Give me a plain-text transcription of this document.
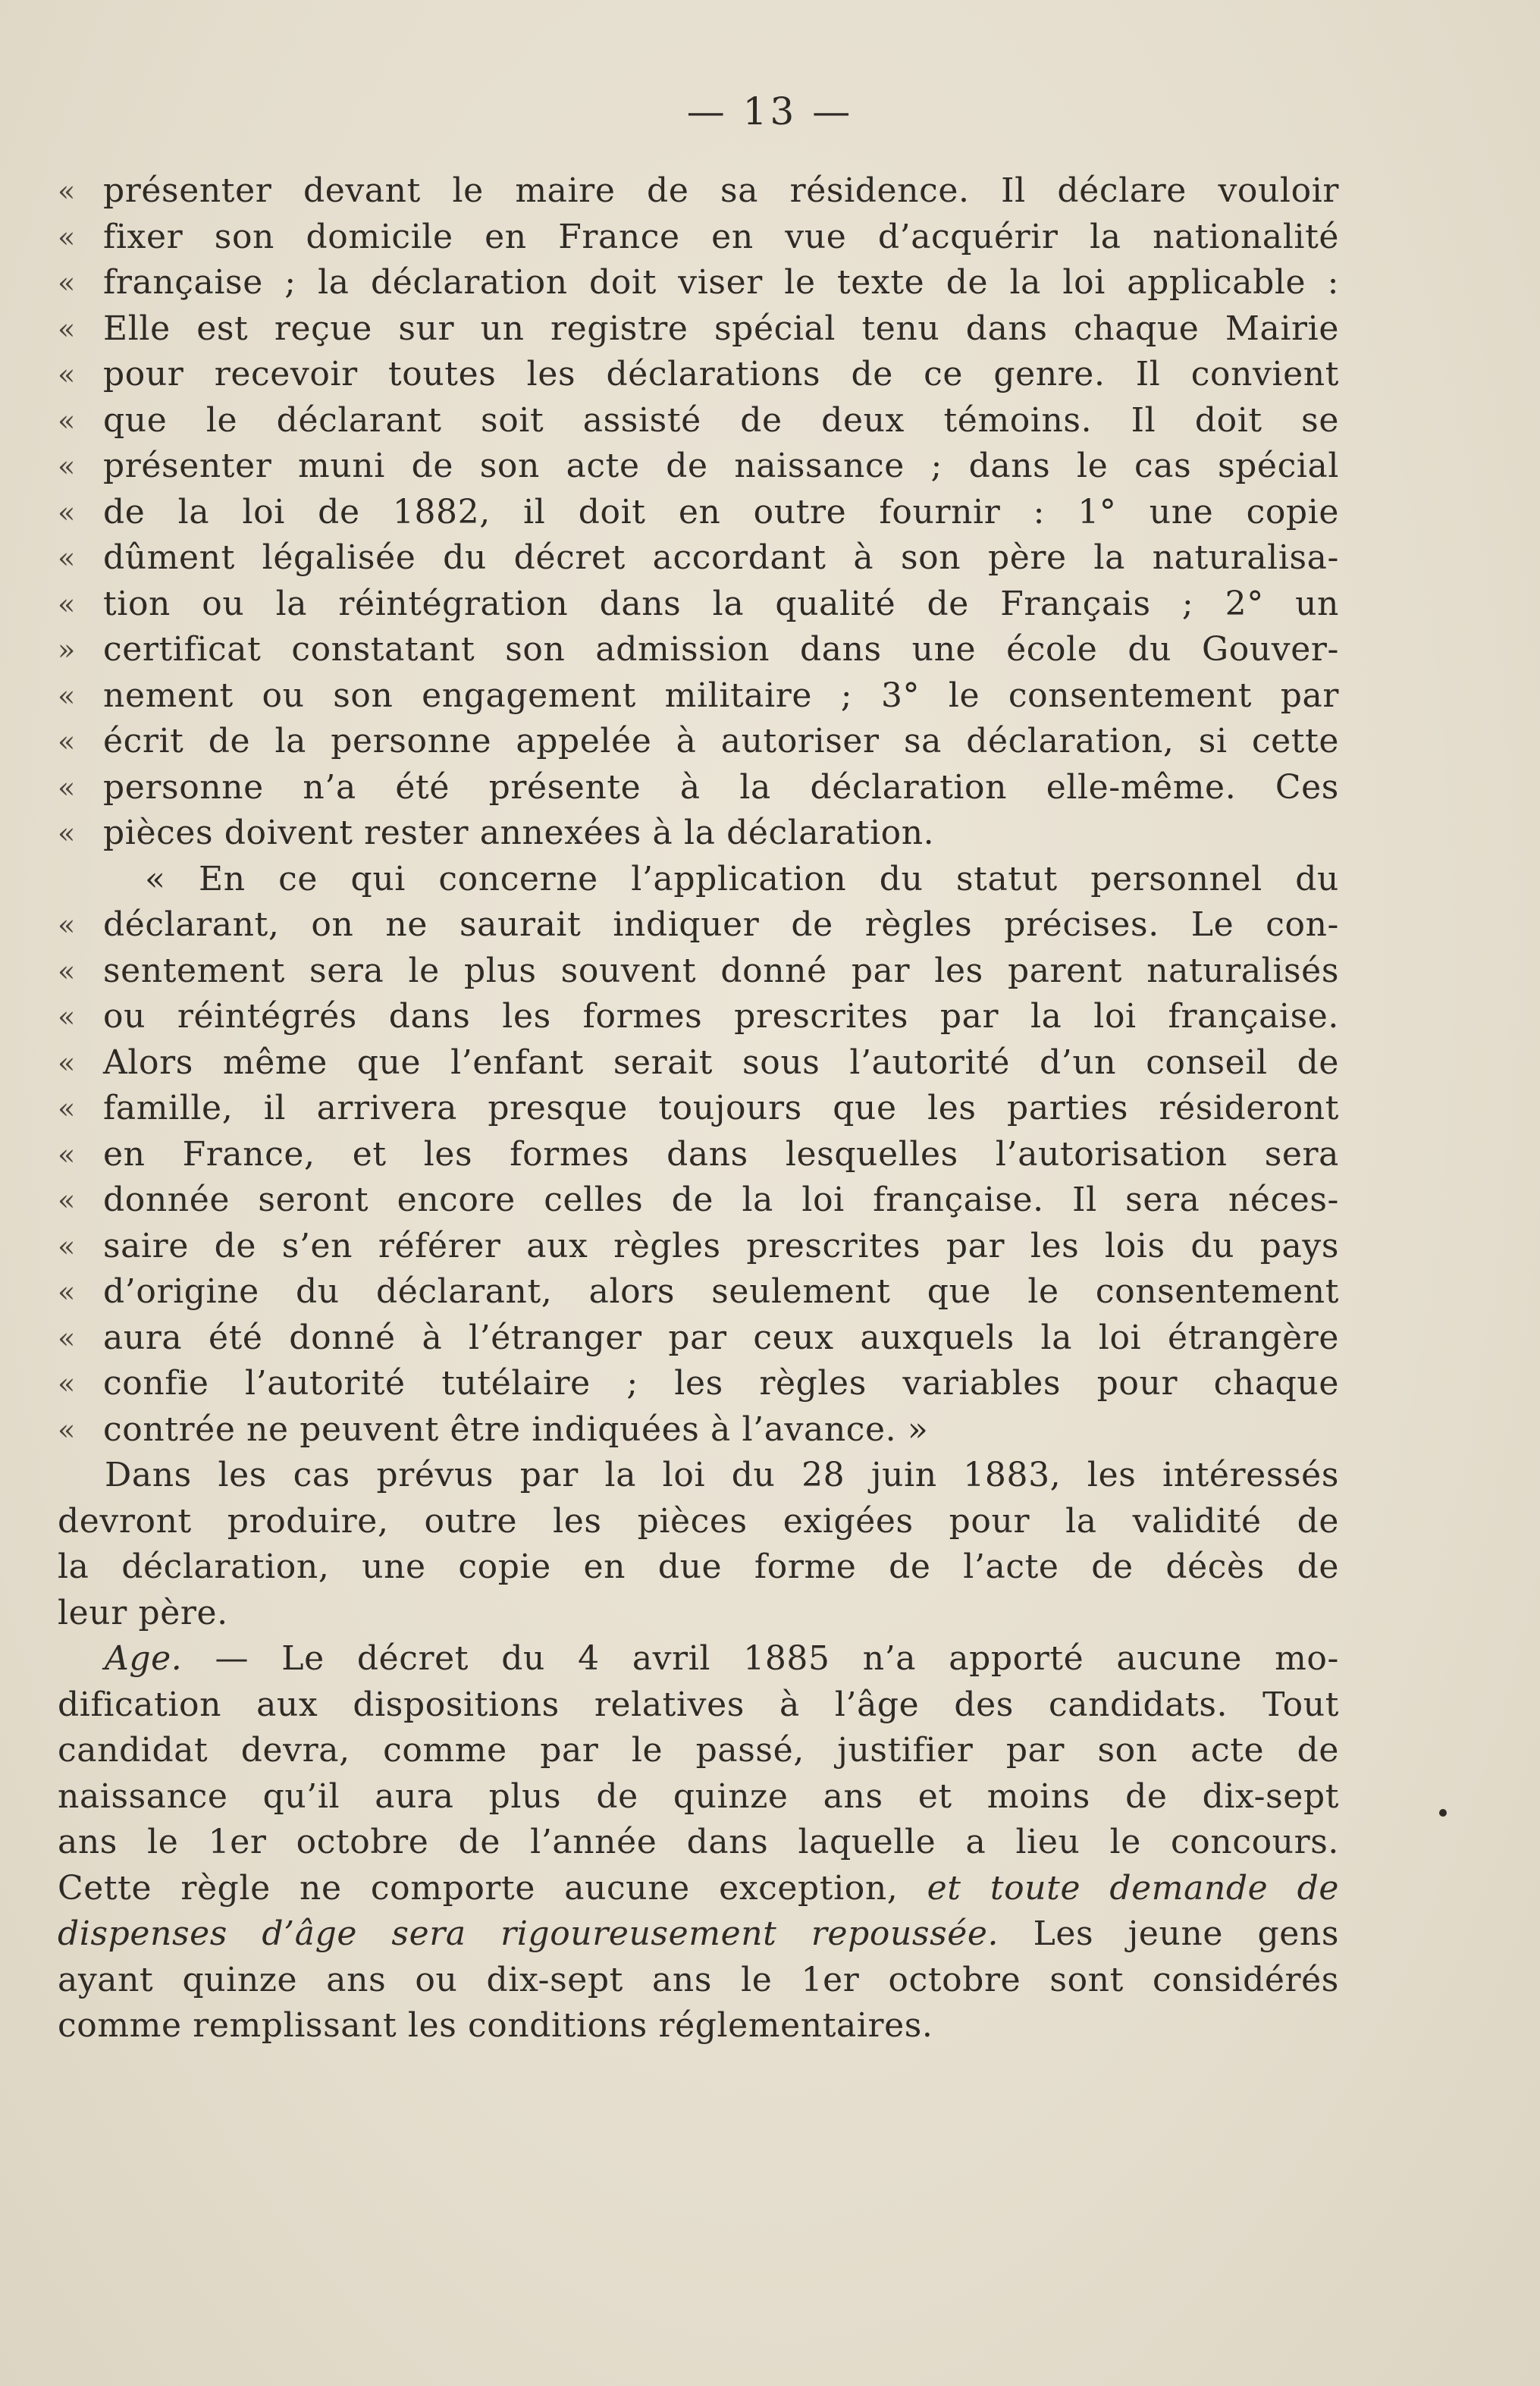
— 13 —
« présenter devant le maire de sa résidence. Il déclare vouloir
« fixer son domicile en France en vue d’acquérir la nationalité
« française ; la déclaration doit viser le texte de la loi applicable :
« Elle est reçue sur un registre spécial tenu dans chaque Mairie
« pour recevoir toutes les déclarations de ce genre. Il convient
« que le déclarant soit assisté de deux témoins. Il doit se
« présenter muni de son acte de naissance ; dans le cas spécial
« de la loi de 1882, il doit en outre fournir : 1° une copie
« dûment légalisée du décret accordant à son père la naturalisa-
« tion ou la réintégration dans la qualité de Français ; 2° un
» certificat constatant son admission dans une école du Gouver-
« nement ou son engagement militaire ; 3° le consentement par
« écrit de la personne appelée à autoriser sa déclaration, si cette
« personne n’a été présente à la déclaration elle-même. Ces
« pièces doivent rester annexées à la déclaration.
« En ce qui concerne l’application du statut personnel du
« déclarant, on ne saurait indiquer de règles précises. Le con-
« sentement sera le plus souvent donné par les parent naturalisés
« ou réintégrés dans les formes prescrites par la loi française.
« Alors même que l’enfant serait sous l’autorité d’un conseil de
« famille, il arrivera presque toujours que les parties résideront
« en France, et les formes dans lesquelles l’autorisation sera
« donnée seront encore celles de la loi française. Il sera néces-
« saire de s’en référer aux règles prescrites par les lois du pays
« d’origine du déclarant, alors seulement que le consentement
« aura été donné à l’étranger par ceux auxquels la loi étrangère
« confie l’autorité tutélaire ; les règles variables pour chaque
« contrée ne peuvent être indiquées à l’avance. »
Dans les cas prévus par la loi du 28 juin 1883, les intéressés
devront produire, outre les pièces exigées pour la validité de
la déclaration, une copie en due forme de l’acte de décès de
leur père.
Age. — Le décret du 4 avril 1885 n’a apporté aucune mo-
dification aux dispositions relatives à l’âge des candidats. Tout
candidat devra, comme par le passé, justifier par son acte de
naissance qu’il aura plus de quinze ans et moins de dix-sept
ans le 1er octobre de l’année dans laquelle a lieu le concours.
Cette règle ne comporte aucune exception, et toute demande de
dispenses d’âge sera rigoureusement repoussée. Les jeune gens
ayant quinze ans ou dix-sept ans le 1er octobre sont considérés
comme remplissant les conditions réglementaires.
